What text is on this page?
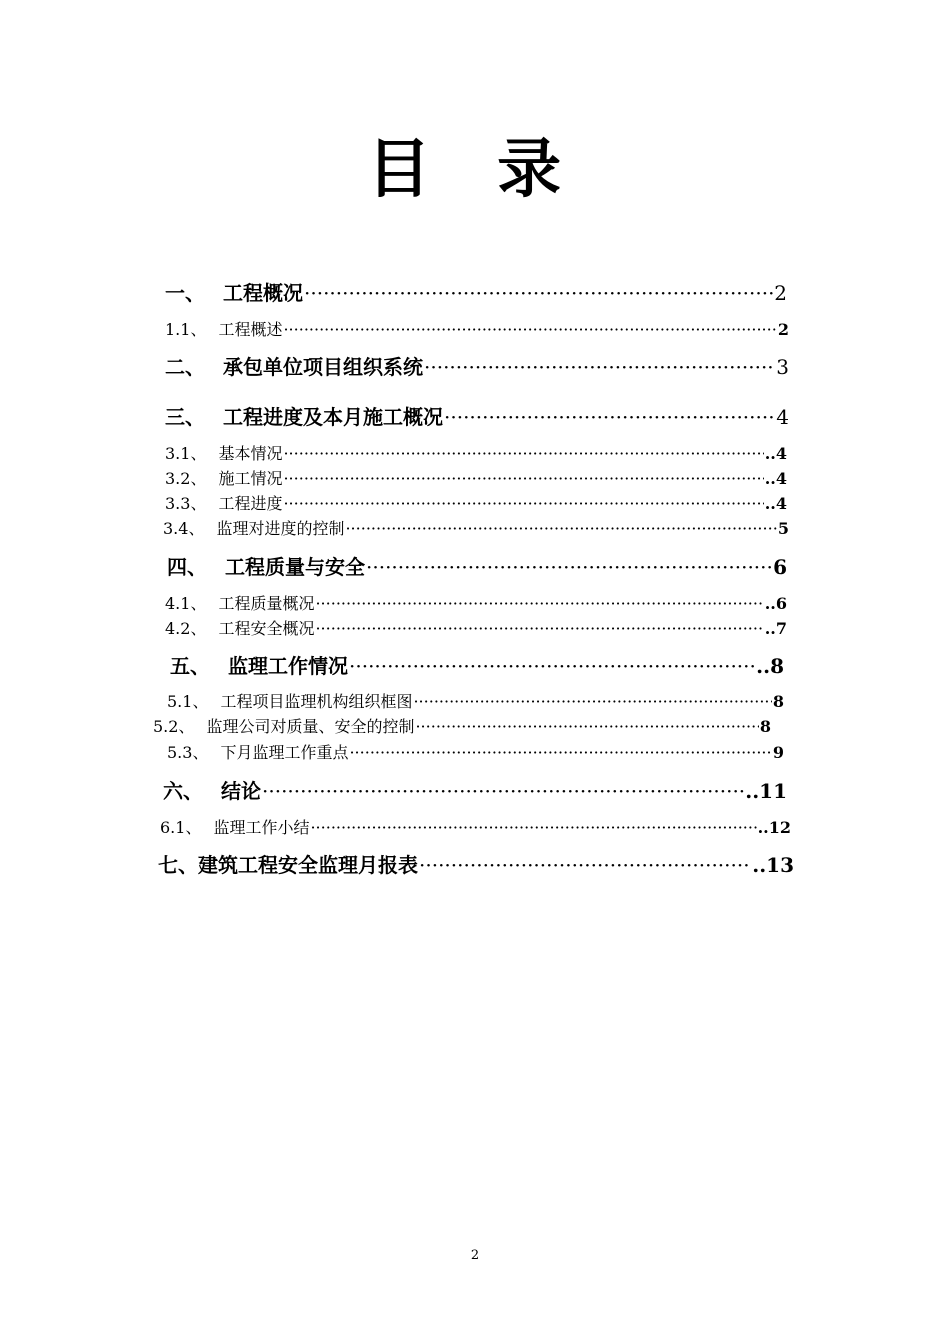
目 录
一、 工程概况 ·····	2
1.1、 工程概述 ·····	2
二、 承包单位项目组织系统 ·····	3
三、 工程进度及本月施工概况 ·····	4
3.1、 基本情况 ·····	..4
3.2、 施工情况 ·····	..4
3.3、 工程进度 ·····	..4
3.4、 监理对进度的控制 ·····	5
四、 工程质量与安全 ·····	6
4.1、 工程质量概况 ·····	..6
4.2、 工程安全概况 ·····	..7
五、 监理工作情况 ·····	..8
5.1、 工程项目监理机构组织框图 ·····	8
5.2、 监理公司对质量、安全的控制 ·····	8
5.3、 下月监理工作重点 ·····	9
六、 结论 ·····	..11
6.1、 监理工作小结 ·····	..12
七、建筑工程安全监理月报表 ·····	..13
2
